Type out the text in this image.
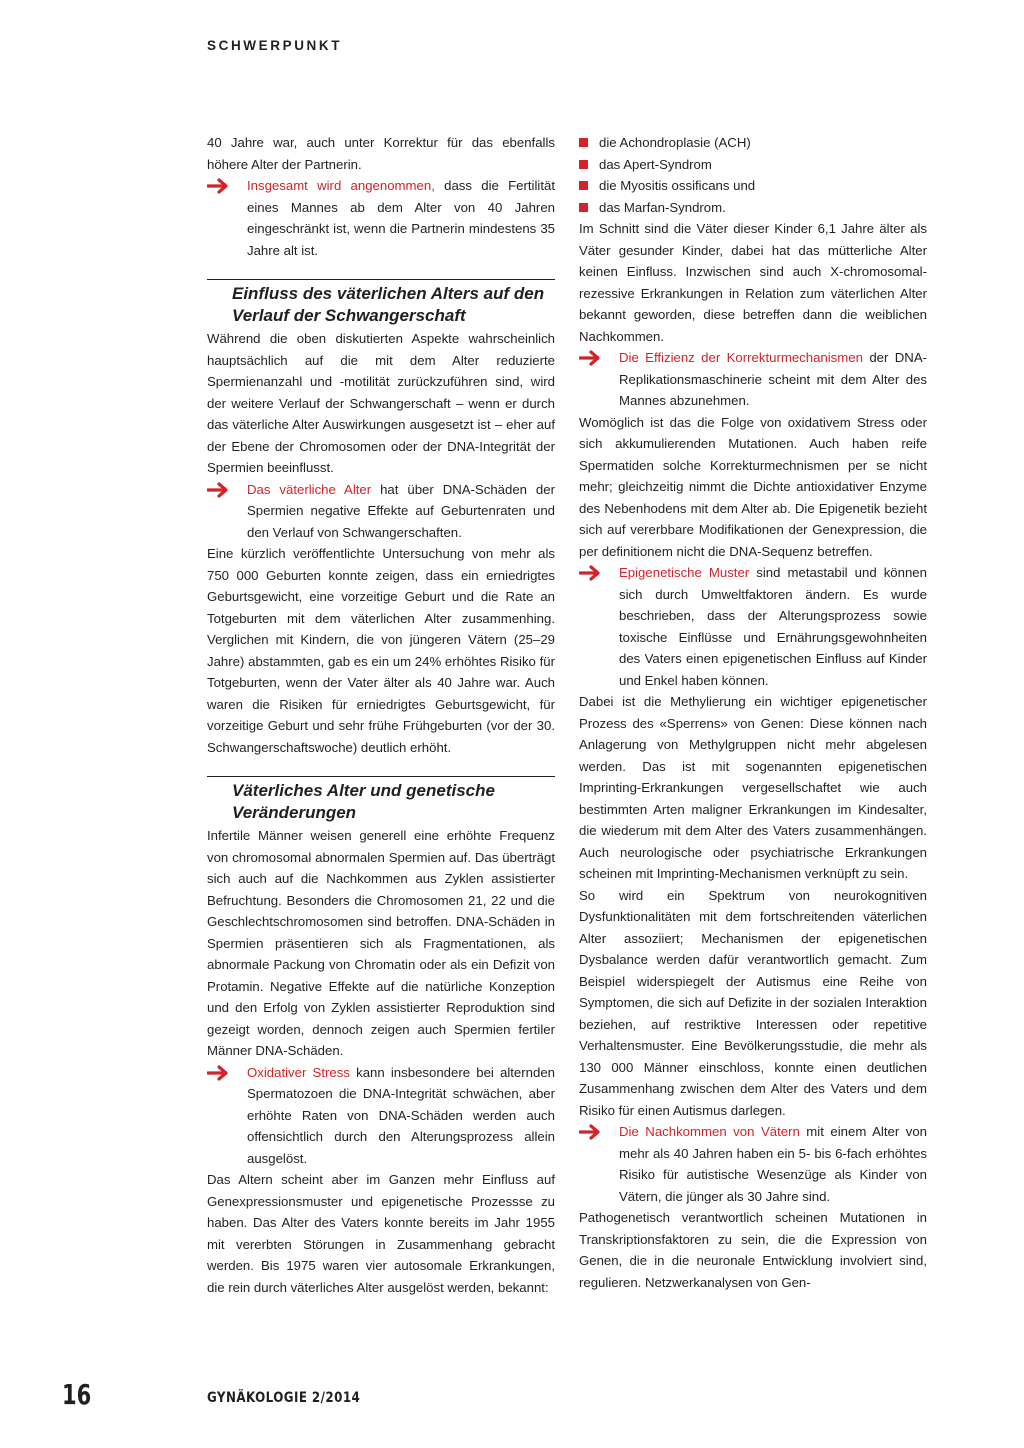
SCHWERPUNKT

40 Jahre war, auch unter Korrektur für das ebenfalls höhere Alter der Partnerin.

Insgesamt wird angenommen, dass die Fertilität eines Mannes ab dem Alter von 40 Jahren eingeschränkt ist, wenn die Partnerin mindestens 35 Jahre alt ist.

Einfluss des väterlichen Alters auf den Verlauf der Schwangerschaft

Während die oben diskutierten Aspekte wahrscheinlich hauptsächlich auf die mit dem Alter reduzierte Spermienanzahl und -motilität zurückzuführen sind, wird der weitere Verlauf der Schwangerschaft – wenn er durch das väterliche Alter Auswirkungen ausgesetzt ist – eher auf der Ebene der Chromosomen oder der DNA-Integrität der Spermien beeinflusst.

Das väterliche Alter hat über DNA-Schäden der Spermien negative Effekte auf Geburtenraten und den Verlauf von Schwangerschaften.

Eine kürzlich veröffentlichte Untersuchung von mehr als 750 000 Geburten konnte zeigen, dass ein erniedrigtes Geburtsgewicht, eine vorzeitige Geburt und die Rate an Totgeburten mit dem väterlichen Alter zusammenhing. Verglichen mit Kindern, die von jüngeren Vätern (25–29 Jahre) abstammten, gab es ein um 24% erhöhtes Risiko für Totgeburten, wenn der Vater älter als 40 Jahre war. Auch waren die Risiken für erniedrigtes Geburtsgewicht, für vorzeitige Geburt und sehr frühe Frühgeburten (vor der 30. Schwangerschaftswoche) deutlich erhöht.

Väterliches Alter und genetische Veränderungen

Infertile Männer weisen generell eine erhöhte Frequenz von chromosomal abnormalen Spermien auf. Das überträgt sich auch auf die Nachkommen aus Zyklen assistierter Befruchtung. Besonders die Chromosomen 21, 22 und die Geschlechtschromosomen sind betroffen. DNA-Schäden in Spermien präsentieren sich als Fragmentationen, als abnormale Packung von Chromatin oder als ein Defizit von Protamin. Negative Effekte auf die natürliche Konzeption und den Erfolg von Zyklen assistierter Reproduktion sind gezeigt worden, dennoch zeigen auch Spermien fertiler Männer DNA-Schäden.

Oxidativer Stress kann insbesondere bei alternden Spermatozoen die DNA-Integrität schwächen, aber erhöhte Raten von DNA-Schäden werden auch offensichtlich durch den Alterungsprozess allein ausgelöst.

Das Altern scheint aber im Ganzen mehr Einfluss auf Genexpressionsmuster und epigenetische Prozessse zu haben. Das Alter des Vaters konnte bereits im Jahr 1955 mit vererbten Störungen in Zusammenhang gebracht werden. Bis 1975 waren vier autosomale Erkrankungen, die rein durch väterliches Alter ausgelöst werden, bekannt:

die Achondroplasie (ACH)
das Apert-Syndrom
die Myositis ossificans und
das Marfan-Syndrom.

Im Schnitt sind die Väter dieser Kinder 6,1 Jahre älter als Väter gesunder Kinder, dabei hat das mütterliche Alter keinen Einfluss. Inzwischen sind auch X-chromosomal-rezessive Erkrankungen in Relation zum väterlichen Alter bekannt geworden, diese betreffen dann die weiblichen Nachkommen.

Die Effizienz der Korrekturmechanismen der DNA-Replikationsmaschinerie scheint mit dem Alter des Mannes abzunehmen.

Womöglich ist das die Folge von oxidativem Stress oder sich akkumulierenden Mutationen. Auch haben reife Spermatiden solche Korrekturmechnismen per se nicht mehr; gleichzeitig nimmt die Dichte antioxidativer Enzyme des Nebenhodens mit dem Alter ab. Die Epigenetik bezieht sich auf vererbbare Modifikationen der Genexpression, die per definitionem nicht die DNA-Sequenz betreffen.

Epigenetische Muster sind metastabil und können sich durch Umweltfaktoren ändern. Es wurde beschrieben, dass der Alterungsprozess sowie toxische Einflüsse und Ernährungsgewohnheiten des Vaters einen epigenetischen Einfluss auf Kinder und Enkel haben können.

Dabei ist die Methylierung ein wichtiger epigenetischer Prozess des «Sperrens» von Genen: Diese können nach Anlagerung von Methylgruppen nicht mehr abgelesen werden. Das ist mit sogenannten epigenetischen Imprinting-Erkrankungen vergesellschaftet wie auch bestimmten Arten maligner Erkrankungen im Kindesalter, die wiederum mit dem Alter des Vaters zusammenhängen. Auch neurologische oder psychiatrische Erkrankungen scheinen mit Imprinting-Mechanismen verknüpft zu sein.

So wird ein Spektrum von neurokognitiven Dysfunktionalitäten mit dem fortschreitenden väterlichen Alter assoziiert; Mechanismen der epigenetischen Dysbalance werden dafür verantwortlich gemacht. Zum Beispiel widerspiegelt der Autismus eine Reihe von Symptomen, die sich auf Defizite in der sozialen Interaktion beziehen, auf restriktive Interessen oder repetitive Verhaltensmuster. Eine Bevölkerungsstudie, die mehr als 130 000 Männer einschloss, konnte einen deutlichen Zusammenhang zwischen dem Alter des Vaters und dem Risiko für einen Autismus darlegen.

Die Nachkommen von Vätern mit einem Alter von mehr als 40 Jahren haben ein 5- bis 6-fach erhöhtes Risiko für autistische Wesenzüge als Kinder von Vätern, die jünger als 30 Jahre sind.

Pathogenetisch verantwortlich scheinen Mutationen in Transkriptionsfaktoren zu sein, die die Expression von Genen, die in die neuronale Entwicklung involviert sind, regulieren. Netzwerkanalysen von Gen-

16	GYNÄKOLOGIE 2/2014
